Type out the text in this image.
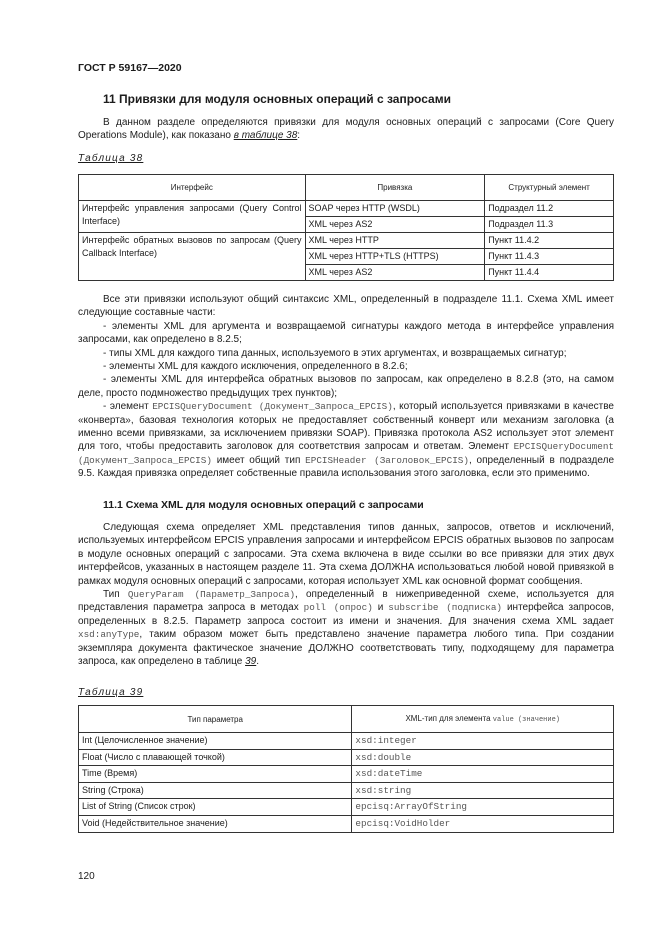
ГОСТ Р 59167—2020
11 Привязки для модуля основных операций с запросами

В данном разделе определяются привязки для модуля основных операций с запросами (Core Query Operations Module), как показано в таблице 38:

Таблица 38
Интерфейс	Привязка	Структурный элемент
Интерфейс управления запросами (Query Control Interface)	SOAP через HTTP (WSDL)	Подраздел 11.2
	XML через AS2	Подраздел 11.3
Интерфейс обратных вызовов по запросам (Query Callback Interface)	XML через HTTP	Пункт 11.4.2
	XML через HTTP+TLS (HTTPS)	Пункт 11.4.3
	XML через AS2	Пункт 11.4.4

Все эти привязки используют общий синтаксис XML, определенный в подразделе 11.1. Схема XML имеет следующие составные части:

- элементы XML для аргумента и возвращаемой сигнатуры каждого метода в интерфейсе управления запросами, как определено в 8.2.5;

- типы XML для каждого типа данных, используемого в этих аргументах, и возвращаемых сигнатур;

- элементы XML для каждого исключения, определенного в 8.2.6;

- элементы XML для интерфейса обратных вызовов по запросам, как определено в 8.2.8 (это, на самом деле, просто подмножество предыдущих трех пунктов);

- элемент EPCISQueryDocument (Документ_Запроса_EPCIS), который используется привязками в качестве «конверта», базовая технология которых не предоставляет собственный конверт или механизм заголовка (а именно всеми привязками, за исключением привязки SOAP). Привязка протокола AS2 использует этот элемент для того, чтобы предоставить заголовок для соответствия запросам и ответам. Элемент EPCISQueryDocument (Документ_Запроса_EPCIS) имеет общий тип EPCISHeader (Заголовок_EPCIS), определенный в подразделе 9.5. Каждая привязка определяет собственные правила использования этого заголовка, если это применимо.

11.1 Схема XML для модуля основных операций с запросами

Следующая схема определяет XML представления типов данных, запросов, ответов и исключений, используемых интерфейсом EPCIS управления запросами и интерфейсом EPCIS обратных вызовов по запросам в модуле основных операций с запросами. Эта схема включена в виде ссылки во все привязки для этих двух интерфейсов, указанных в настоящем разделе 11. Эта схема ДОЛЖНА использоваться любой новой привязкой в рамках модуля основных операций с запросами, которая использует XML как основной формат сообщения.

Тип QueryParam (Параметр_Запроса), определенный в нижеприведенной схеме, используется для представления параметра запроса в методах poll (опрос) и subscribe (подписка) интерфейса запросов, определенных в 8.2.5. Параметр запроса состоит из имени и значения. Для значения схема XML задает xsd:anyType, таким образом может быть представлено значение параметра любого типа. При создании экземпляра документа фактическое значение ДОЛЖНО соответствовать типу, подходящему для параметра запроса, как определено в таблице 39.

Таблица 39
Тип параметра	XML-тип для элемента value (значение)
Int (Целочисленное значение)	xsd:integer
Float (Число с плавающей точкой)	xsd:double
Time (Время)	xsd:dateTime
String (Строка)	xsd:string
List of String (Список строк)	epcisq:ArrayOfString
Void (Недействительное значение)	epcisq:VoidHolder
120
